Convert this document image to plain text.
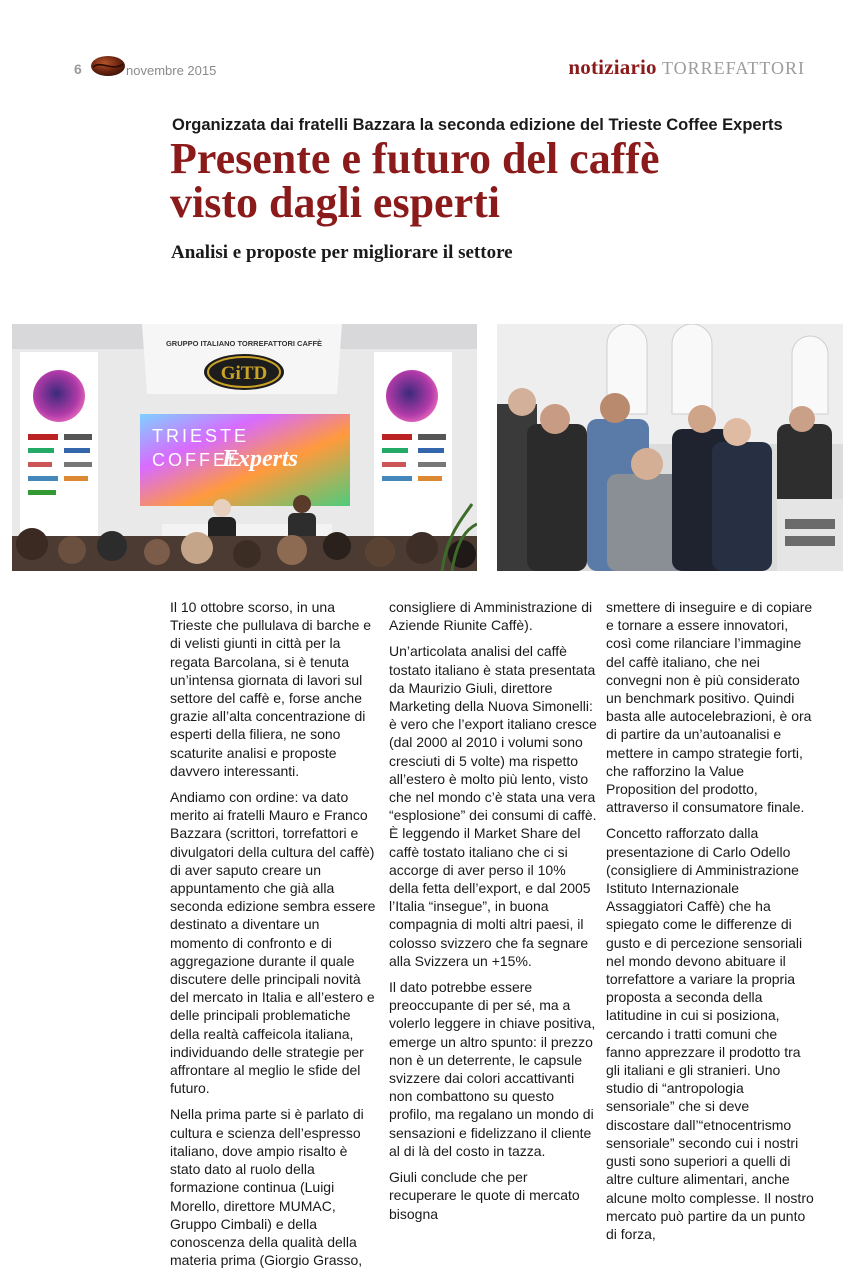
6	novembre 2015	notiziario TORREFATTORI
Organizzata dai fratelli Bazzara la seconda edizione del Trieste Coffee Experts
Presente e futuro del caffè
visto dagli esperti
Analisi e proposte per migliorare il settore
GRUPPO ITALIANO TORREFATTORI CAFFÈ
GiTD
TRIESTE
COFFEE
Experts

Il 10 ottobre scorso, in una Trieste che pullulava di barche e di velisti giunti in città per la regata Barcolana, si è tenuta un’intensa giornata di lavori sul settore del caffè e, forse anche grazie all’alta concentrazione di esperti della filiera, ne sono scaturite analisi e proposte davvero interessanti.

Andiamo con ordine: va dato merito ai fratelli Mauro e Franco Bazzara (scrittori, torrefattori e divulgatori della cultura del caffè) di aver saputo creare un appuntamento che già alla seconda edizione sembra essere destinato a diventare un momento di confronto e di aggregazione durante il quale discutere delle principali novità del mercato in Italia e all’estero e delle principali problematiche della realtà caffeicola italiana, individuando delle strategie per affrontare al meglio le sfide del futuro.

Nella prima parte si è parlato di cultura e scienza dell’espresso italiano, dove ampio risalto è stato dato al ruolo della formazione continua (Luigi Morello, direttore MUMAC, Gruppo Cimbali) e della conoscenza della qualità della materia prima (Giorgio Grasso,

consigliere di Amministrazione di Aziende Riunite Caffè).

Un’articolata analisi del caffè tostato italiano è stata presentata da Maurizio Giuli, direttore Marketing della Nuova Simonelli: è vero che l’export italiano cresce (dal 2000 al 2010 i volumi sono cresciuti di 5 volte) ma rispetto all’estero è molto più lento, visto che nel mondo c’è stata una vera “esplosione” dei consumi di caffè. È leggendo il Market Share del caffè tostato italiano che ci si accorge di aver perso il 10% della fetta dell’export, e dal 2005 l’Italia “insegue”, in buona compagnia di molti altri paesi, il colosso svizzero che fa segnare alla Svizzera un +15%.

Il dato potrebbe essere preoccupante di per sé, ma a volerlo leggere in chiave positiva, emerge un altro spunto: il prezzo non è un deterrente, le capsule svizzere dai colori accattivanti non combattono su questo profilo, ma regalano un mondo di sensazioni e fidelizzano il cliente al di là del costo in tazza.

Giuli conclude che per recuperare le quote di mercato bisogna

smettere di inseguire e di copiare e tornare a essere innovatori, così come rilanciare l’immagine del caffè italiano, che nei convegni non è più considerato un benchmark positivo. Quindi basta alle autocelebrazioni, è ora di partire da un’autoanalisi e mettere in campo strategie forti, che rafforzino la Value Proposition del prodotto, attraverso il consumatore finale.

Concetto rafforzato dalla presentazione di Carlo Odello (consigliere di Amministrazione Istituto Internazionale Assaggiatori Caffè) che ha spiegato come le differenze di gusto e di percezione sensoriali nel mondo devono abituare il torrefattore a variare la propria proposta a seconda della latitudine in cui si posiziona, cercando i tratti comuni che fanno apprezzare il prodotto tra gli italiani e gli stranieri. Uno studio di “antropologia sensoriale” che si deve discostare dall’“etnocentrismo sensoriale” secondo cui i nostri gusti sono superiori a quelli di altre culture alimentari, anche alcune molto complesse. Il nostro mercato può partire da un punto di forza,
